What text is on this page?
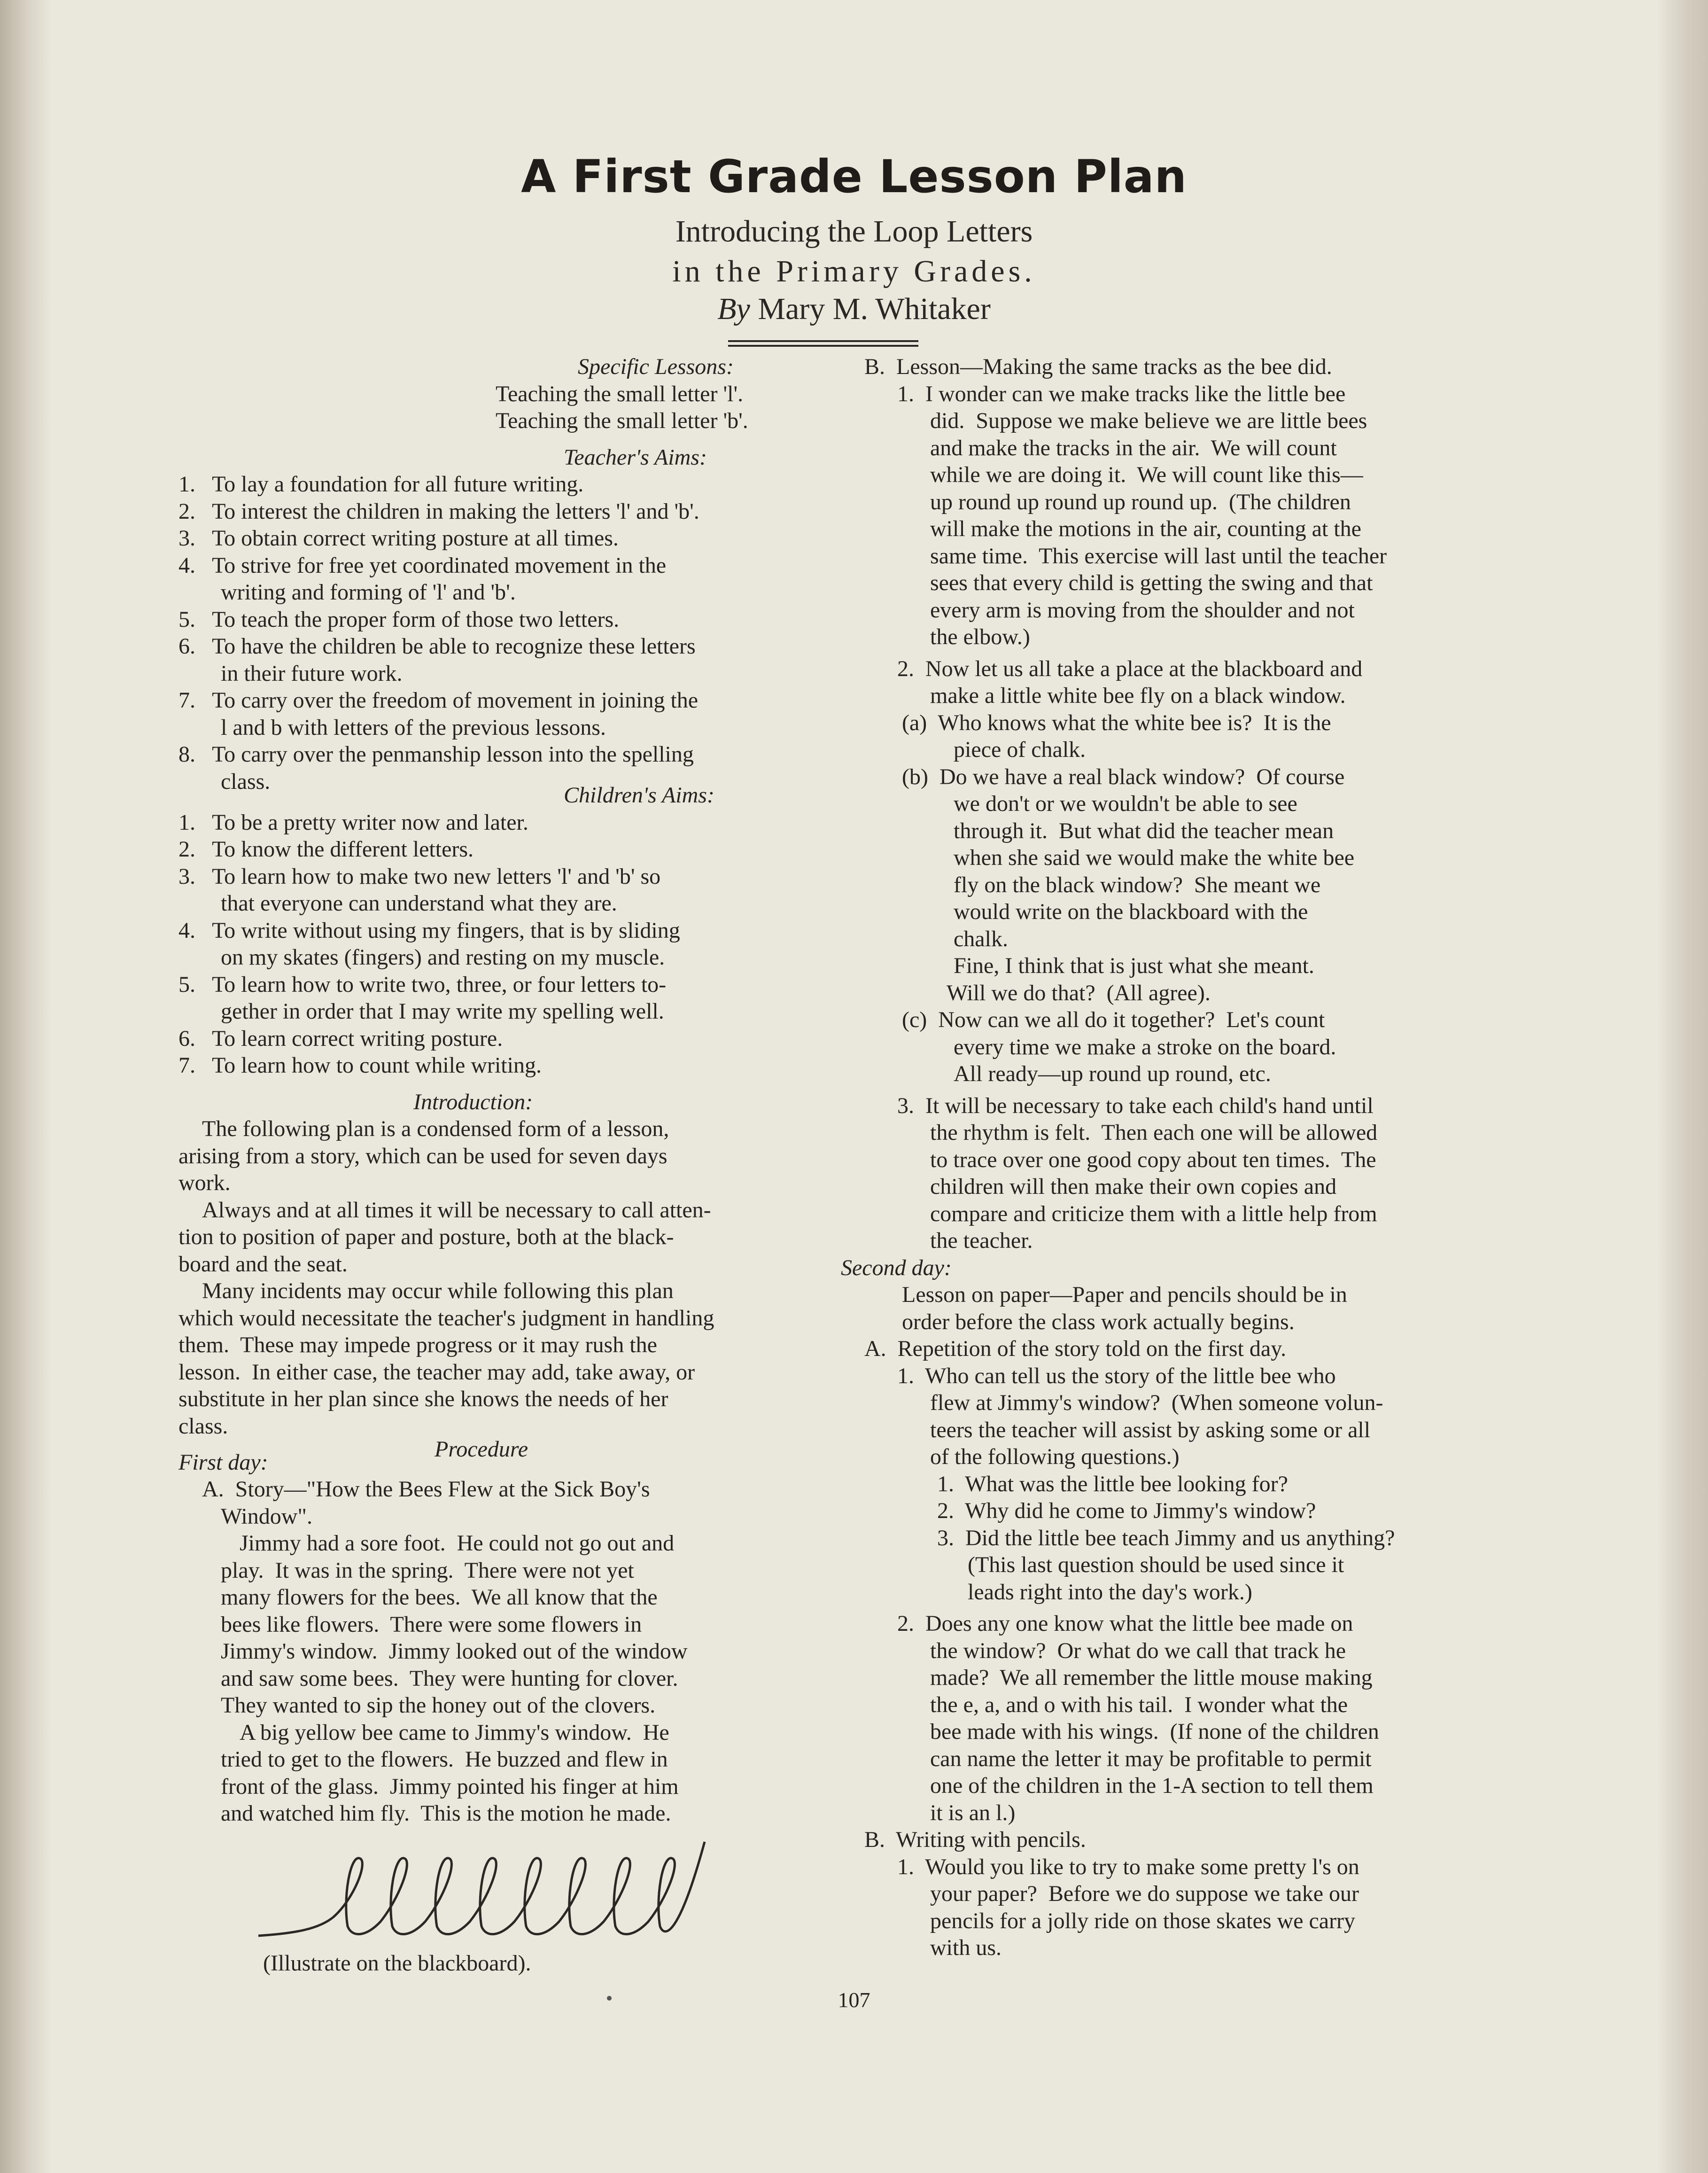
A First Grade Lesson Plan
Introducing the Loop Letters
in the Primary Grades.
By Mary M. Whitaker
Specific Lessons:
Teaching the small letter 'l'.
Teaching the small letter 'b'.
Teacher's Aims:
1.   To lay a foundation for all future writing.
2.   To interest the children in making the letters 'l' and 'b'.
3.   To obtain correct writing posture at all times.
4.   To strive for free yet coordinated movement in the
writing and forming of 'l' and 'b'.
5.   To teach the proper form of those two letters.
6.   To have the children be able to recognize these letters
in their future work.
7.   To carry over the freedom of movement in joining the
l and b with letters of the previous lessons.
8.   To carry over the penmanship lesson into the spelling
class.
Children's Aims:
1.   To be a pretty writer now and later.
2.   To know the different letters.
3.   To learn how to make two new letters 'l' and 'b' so
that everyone can understand what they are.
4.   To write without using my fingers, that is by sliding
on my skates (fingers) and resting on my muscle.
5.   To learn how to write two, three, or four letters to-
gether in order that I may write my spelling well.
6.   To learn correct writing posture.
7.   To learn how to count while writing.
Introduction:
The following plan is a condensed form of a lesson,
arising from a story, which can be used for seven days
work.
Always and at all times it will be necessary to call atten-
tion to position of paper and posture, both at the black-
board and the seat.
Many incidents may occur while following this plan
which would necessitate the teacher's judgment in handling
them.  These may impede progress or it may rush the
lesson.  In either case, the teacher may add, take away, or
substitute in her plan since she knows the needs of her
class.
Procedure
First day:
A.  Story—"How the Bees Flew at the Sick Boy's
Window".
Jimmy had a sore foot.  He could not go out and
play.  It was in the spring.  There were not yet
many flowers for the bees.  We all know that the
bees like flowers.  There were some flowers in
Jimmy's window.  Jimmy looked out of the window
and saw some bees.  They were hunting for clover.
They wanted to sip the honey out of the clovers.
A big yellow bee came to Jimmy's window.  He
tried to get to the flowers.  He buzzed and flew in
front of the glass.  Jimmy pointed his finger at him
and watched him fly.  This is the motion he made.
B.  Lesson—Making the same tracks as the bee did.
1.  I wonder can we make tracks like the little bee
did.  Suppose we make believe we are little bees
and make the tracks in the air.  We will count
while we are doing it.  We will count like this—
up round up round up round up.  (The children
will make the motions in the air, counting at the
same time.  This exercise will last until the teacher
sees that every child is getting the swing and that
every arm is moving from the shoulder and not
the elbow.)
2.  Now let us all take a place at the blackboard and
make a little white bee fly on a black window.
(a)  Who knows what the white bee is?  It is the
piece of chalk.
(b)  Do we have a real black window?  Of course
we don't or we wouldn't be able to see
through it.  But what did the teacher mean
when she said we would make the white bee
fly on the black window?  She meant we
would write on the blackboard with the
chalk.
Fine, I think that is just what she meant.
Will we do that?  (All agree).
(c)  Now can we all do it together?  Let's count
every time we make a stroke on the board.
All ready—up round up round, etc.
3.  It will be necessary to take each child's hand until
the rhythm is felt.  Then each one will be allowed
to trace over one good copy about ten times.  The
children will then make their own copies and
compare and criticize them with a little help from
the teacher.
Second day:
Lesson on paper—Paper and pencils should be in
order before the class work actually begins.
A.  Repetition of the story told on the first day.
1.  Who can tell us the story of the little bee who
flew at Jimmy's window?  (When someone volun-
teers the teacher will assist by asking some or all
of the following questions.)
1.  What was the little bee looking for?
2.  Why did he come to Jimmy's window?
3.  Did the little bee teach Jimmy and us anything?
(This last question should be used since it
leads right into the day's work.)
2.  Does any one know what the little bee made on
the window?  Or what do we call that track he
made?  We all remember the little mouse making
the e, a, and o with his tail.  I wonder what the
bee made with his wings.  (If none of the children
can name the letter it may be profitable to permit
one of the children in the 1-A section to tell them
it is an l.)
B.  Writing with pencils.
1.  Would you like to try to make some pretty l's on
your paper?  Before we do suppose we take our
pencils for a jolly ride on those skates we carry
with us.
(Illustrate on the blackboard).
107
